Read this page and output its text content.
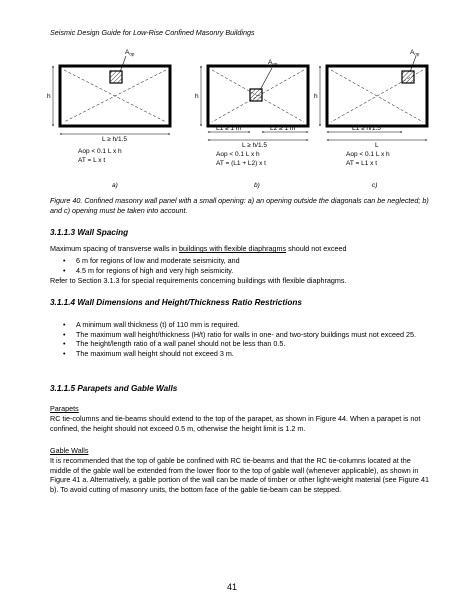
Seismic Design Guide for Low-Rise Confined Masonry Buildings
$A_{op}$
h
L ≥ h/1.5
Aop < 0.1 L x h
AT = L x t
a)
$A_{op}$
h
L1 ≥ 1 m	L2 ≥ 1 m
L ≥ h/1.5
Aop < 0.1 L x h
AT = (L1 + L2) x t
b)
$A_{op}$
h
L1 ≥ h/1.5
L
Aop < 0.1 L x h
AT = L1 x t
c)
Figure 40. Confined masonry wall panel with a small opening: a) an opening outside the diagonals can be neglected; b) and c) opening must be taken into account.
3.1.1.3 Wall Spacing
Maximum spacing of transverse walls in buildings with flexible diaphragms should not exceed
• 6 m for regions of low and moderate seismicity, and
• 4.5 m for regions of high and very high seismicity.
Refer to Section 3.1.3 for special requirements concerning buildings with flexible diaphragms.
3.1.1.4 Wall Dimensions and Height/Thickness Ratio Restrictions
• A minimum wall thickness (t) of 110 mm is required.
• The maximum wall height/thickness (H/t) ratio for walls in one- and two-story buildings must not exceed 25.
• The height/length ratio of a wall panel should not be less than 0.5.
• The maximum wall height should not exceed 3 m.
3.1.1.5 Parapets and Gable Walls
Parapets
RC tie-columns and tie-beams should extend to the top of the parapet, as shown in Figure 44. When a parapet is not confined, the height should not exceed 0.5 m, otherwise the height limit is 1.2 m.
Gable Walls
It is recommended that the top of gable be confined with RC tie-beams and that the RC tie-columns located at the middle of the gable wall be extended from the lower floor to the top of gable wall (whenever applicable), as shown in Figure 41 a. Alternatively, a gable portion of the wall can be made of timber or other light-weight material (see Figure 41 b). To avoid cutting of masonry units, the bottom face of the gable tie-beam can be stepped.
41
